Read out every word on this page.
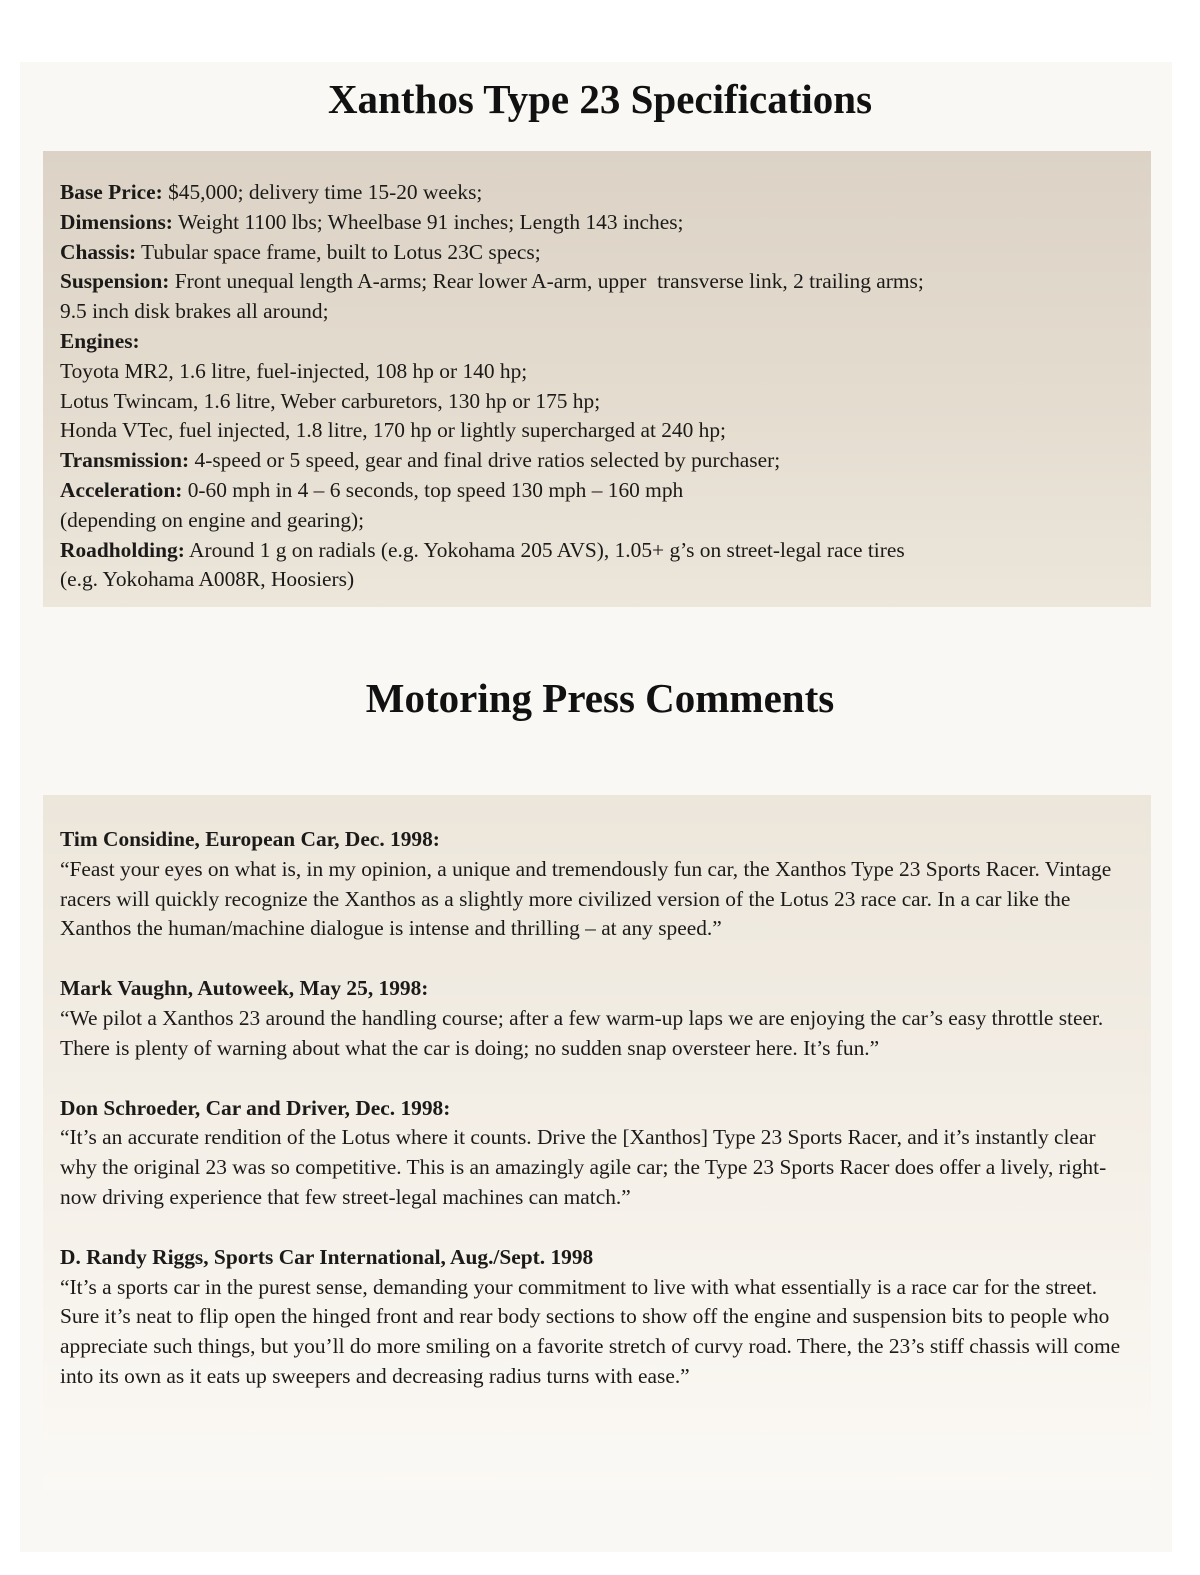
Xanthos Type 23 Specifications
Base Price: $45,000; delivery time 15-20 weeks;
Dimensions: Weight 1100 lbs; Wheelbase 91 inches; Length 143 inches;
Chassis: Tubular space frame, built to Lotus 23C specs;
Suspension: Front unequal length A-arms; Rear lower A-arm, upper  transverse link, 2 trailing arms;
9.5 inch disk brakes all around;
Engines:
Toyota MR2, 1.6 litre, fuel-injected, 108 hp or 140 hp;
Lotus Twincam, 1.6 litre, Weber carburetors, 130 hp or 175 hp;
Honda VTec, fuel injected, 1.8 litre, 170 hp or lightly supercharged at 240 hp;
Transmission: 4-speed or 5 speed, gear and final drive ratios selected by purchaser;
Acceleration: 0-60 mph in 4 – 6 seconds, top speed 130 mph – 160 mph
(depending on engine and gearing);
Roadholding: Around 1 g on radials (e.g. Yokohama 205 AVS), 1.05+ g’s on street-legal race tires
(e.g. Yokohama A008R, Hoosiers)
Motoring Press Comments
Tim Considine, European Car, Dec. 1998:
“Feast your eyes on what is, in my opinion, a unique and tremendously fun car, the Xanthos Type 23 Sports Racer. Vintage racers will quickly recognize the Xanthos as a slightly more civilized version of the Lotus 23 race car. In a car like the Xanthos the human/machine dialogue is intense and thrilling – at any speed.”
Mark Vaughn, Autoweek, May 25, 1998:
“We pilot a Xanthos 23 around the handling course; after a few warm-up laps we are enjoying the car’s easy throttle steer. There is plenty of warning about what the car is doing; no sudden snap oversteer here. It’s fun.”
Don Schroeder, Car and Driver, Dec. 1998:
“It’s an accurate rendition of the Lotus where it counts. Drive the [Xanthos] Type 23 Sports Racer, and it’s instantly clear why the original 23 was so competitive. This is an amazingly agile car; the Type 23 Sports Racer does offer a lively, right-now driving experience that few street-legal machines can match.”
D. Randy Riggs, Sports Car International, Aug./Sept. 1998
“It’s a sports car in the purest sense, demanding your commitment to live with what essentially is a race car for the street. Sure it’s neat to flip open the hinged front and rear body sections to show off the engine and suspension bits to people who appreciate such things, but you’ll do more smiling on a favorite stretch of curvy road. There, the 23’s stiff chassis will come into its own as it eats up sweepers and decreasing radius turns with ease.”
